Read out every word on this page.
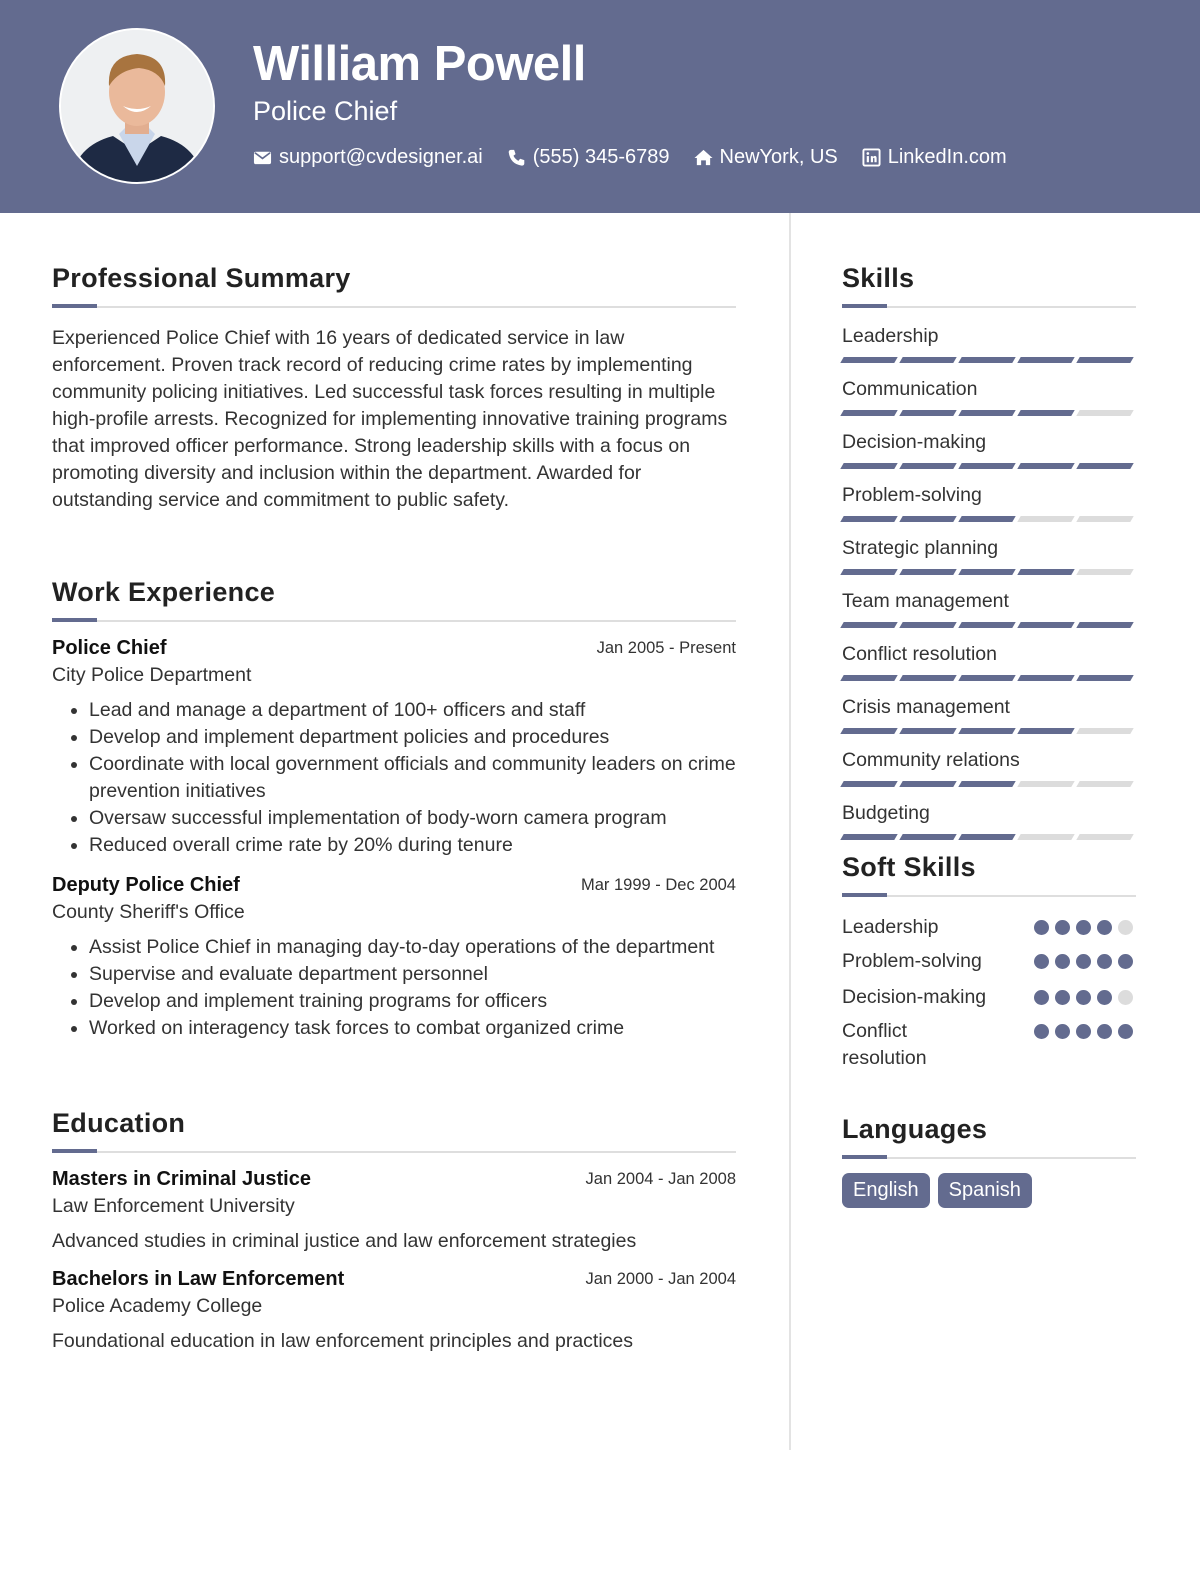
William Powell
Police Chief
support@cvdesigner.ai	(555) 345-6789	NewYork, US	LinkedIn.com
Professional Summary
Experienced Police Chief with 16 years of dedicated service in law enforcement. Proven track record of reducing crime rates by implementing community policing initiatives. Led successful task forces resulting in multiple high-profile arrests. Recognized for implementing innovative training programs that improved officer performance. Strong leadership skills with a focus on promoting diversity and inclusion within the department. Awarded for outstanding service and commitment to public safety.
Work Experience
Police Chief	Jan 2005 - Present
City Police Department
• Lead and manage a department of 100+ officers and staff
• Develop and implement department policies and procedures
• Coordinate with local government officials and community leaders on crime prevention initiatives
• Oversaw successful implementation of body-worn camera program
• Reduced overall crime rate by 20% during tenure
Deputy Police Chief	Mar 1999 - Dec 2004
County Sheriff's Office
• Assist Police Chief in managing day-to-day operations of the department
• Supervise and evaluate department personnel
• Develop and implement training programs for officers
• Worked on interagency task forces to combat organized crime
Education
Masters in Criminal Justice	Jan 2004 - Jan 2008
Law Enforcement University
Advanced studies in criminal justice and law enforcement strategies
Bachelors in Law Enforcement	Jan 2000 - Jan 2004
Police Academy College
Foundational education in law enforcement principles and practices
Skills
Leadership
Communication
Decision-making
Problem-solving
Strategic planning
Team management
Conflict resolution
Crisis management
Community relations
Budgeting
Soft Skills
Leadership
Problem-solving
Decision-making
Conflict resolution
Languages
English	Spanish
